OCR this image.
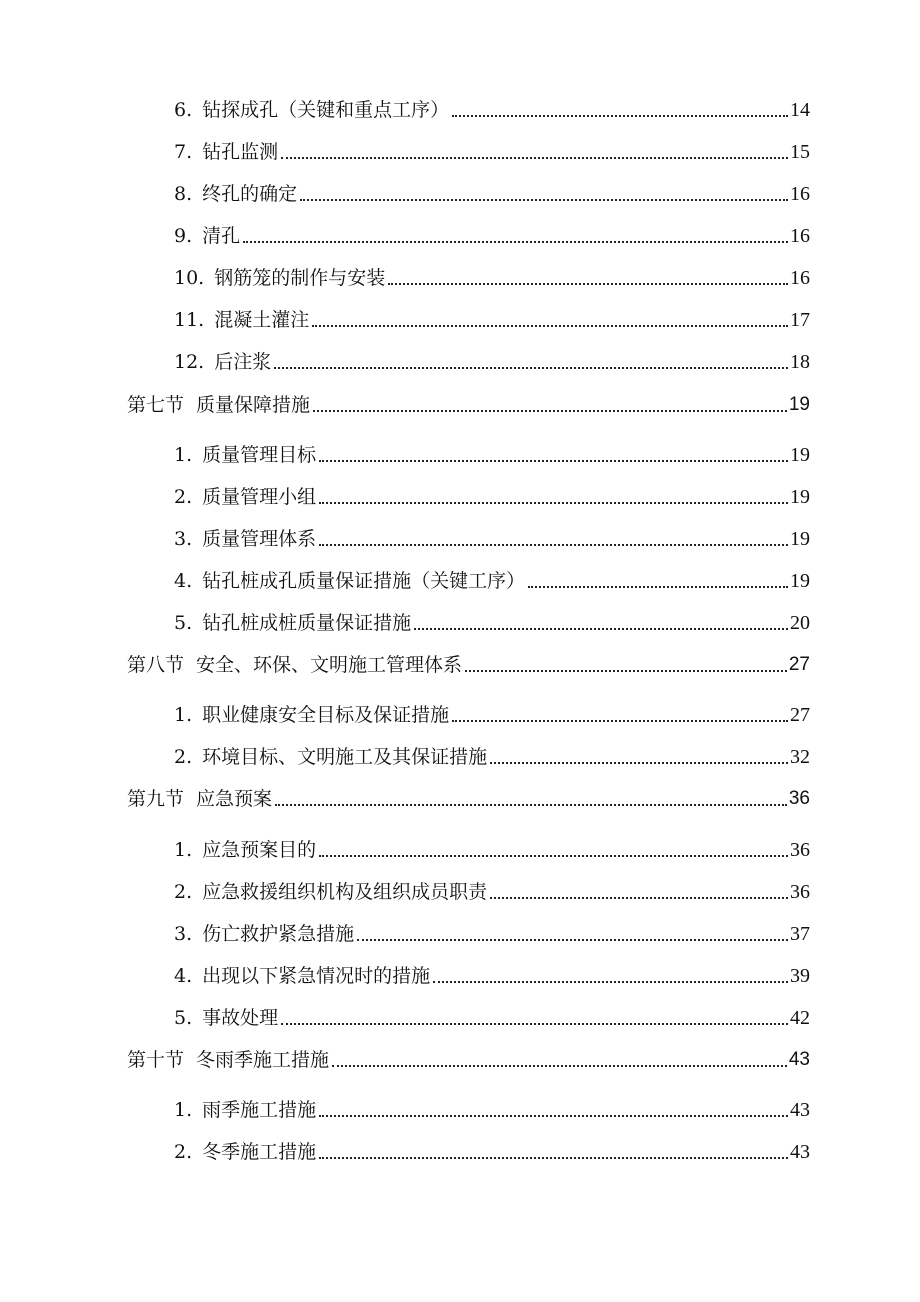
6. 钻探成孔（关键和重点工序）	14
7. 钻孔监测	15
8. 终孔的确定	16
9. 清孔	16
10. 钢筋笼的制作与安装	16
11. 混凝土灌注	17
12. 后注浆	18
第七节 质量保障措施	19
1. 质量管理目标	19
2. 质量管理小组	19
3. 质量管理体系	19
4. 钻孔桩成孔质量保证措施（关键工序）	19
5. 钻孔桩成桩质量保证措施	20
第八节 安全、环保、文明施工管理体系	27
1. 职业健康安全目标及保证措施	27
2. 环境目标、文明施工及其保证措施	32
第九节 应急预案	36
1. 应急预案目的	36
2. 应急救援组织机构及组织成员职责	36
3. 伤亡救护紧急措施	37
4. 出现以下紧急情况时的措施	39
5. 事故处理	42
第十节 冬雨季施工措施	43
1. 雨季施工措施	43
2. 冬季施工措施	43
